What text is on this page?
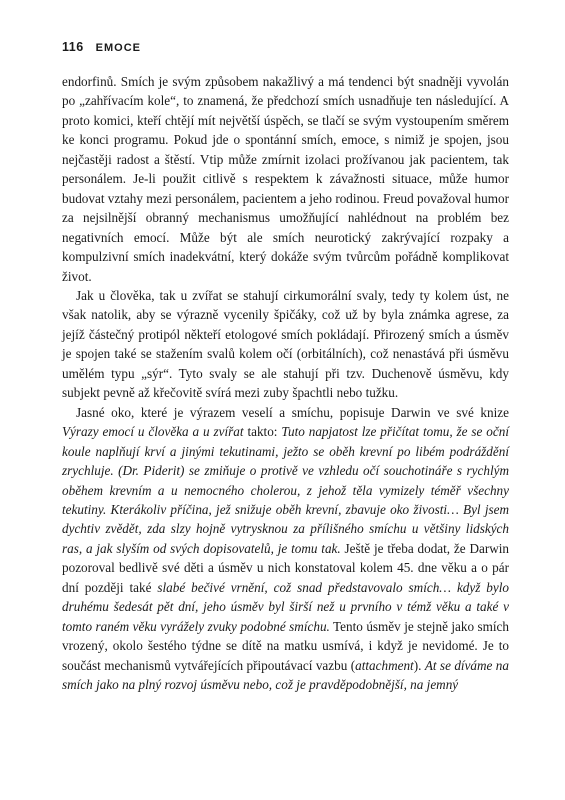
116 EMOCE

endorfinů. Smích je svým způsobem nakažlivý a má tendenci být snadněji vyvolán po „zahřívacím kole“, to znamená, že předchozí smích usnadňuje ten následující. A proto komici, kteří chtějí mít největší úspěch, se tlačí se svým vystoupením směrem ke konci programu. Pokud jde o spontánní smích, emoce, s nimiž je spojen, jsou nejčastěji radost a štěstí. Vtip může zmírnit izolaci prožívanou jak pacientem, tak personálem. Je-li použit citlivě s respektem k závažnosti situace, může humor budovat vztahy mezi personálem, pacientem a jeho rodinou. Freud považoval humor za nejsilnější obranný mechanismus umožňující nahlédnout na problém bez negativních emocí. Může být ale smích neurotický zakrývající rozpaky a kompulzivní smích inadekvátní, který dokáže svým tvůrcům pořádně komplikovat život.

Jak u člověka, tak u zvířat se stahují cirkumorální svaly, tedy ty kolem úst, ne však natolik, aby se výrazně vycenily špičáky, což už by byla známka agrese, za jejíž částečný protipól někteří etologové smích pokládají. Přirozený smích a úsměv je spojen také se stažením svalů kolem očí (orbitálních), což nenastává při úsměvu umělém typu „sýr“. Tyto svaly se ale stahují při tzv. Duchenově úsměvu, kdy subjekt pevně až křečovitě svírá mezi zuby špachtli nebo tužku.

Jasné oko, které je výrazem veselí a smíchu, popisuje Darwin ve své knize Výrazy emocí u člověka a u zvířat takto: Tuto napjatost lze přičítat tomu, že se oční koule naplňují krví a jinými tekutinami, ježto se oběh krevní po libém podráždění zrychluje. (Dr. Piderit) se zmiňuje o protivě ve vzhledu očí souchotináře s rychlým oběhem krevním a u nemocného cholerou, z jehož těla vymizely téměř všechny tekutiny. Kterákoliv příčina, jež snižuje oběh krevní, zbavuje oko živosti… Byl jsem dychtiv zvědět, zda slzy hojně vytrysknou za přílišného smíchu u většiny lidských ras, a jak slyším od svých dopisovatelů, je tomu tak. Ještě je třeba dodat, že Darwin pozoroval bedlivě své děti a úsměv u nich konstatoval kolem 45. dne věku a o pár dní později také slabé bečivé vrnění, což snad představovalo smích… když bylo druhému šedesát pět dní, jeho úsměv byl širší než u prvního v témž věku a také v tomto raném věku vyrážely zvuky podobné smíchu. Tento úsměv je stejně jako smích vrozený, okolo šestého týdne se dítě na matku usmívá, i když je nevidomé. Je to součást mechanismů vytvářejících připoutávací vazbu (attachment). At se díváme na smích jako na plný rozvoj úsměvu nebo, což je pravděpodobnější, na jemný
